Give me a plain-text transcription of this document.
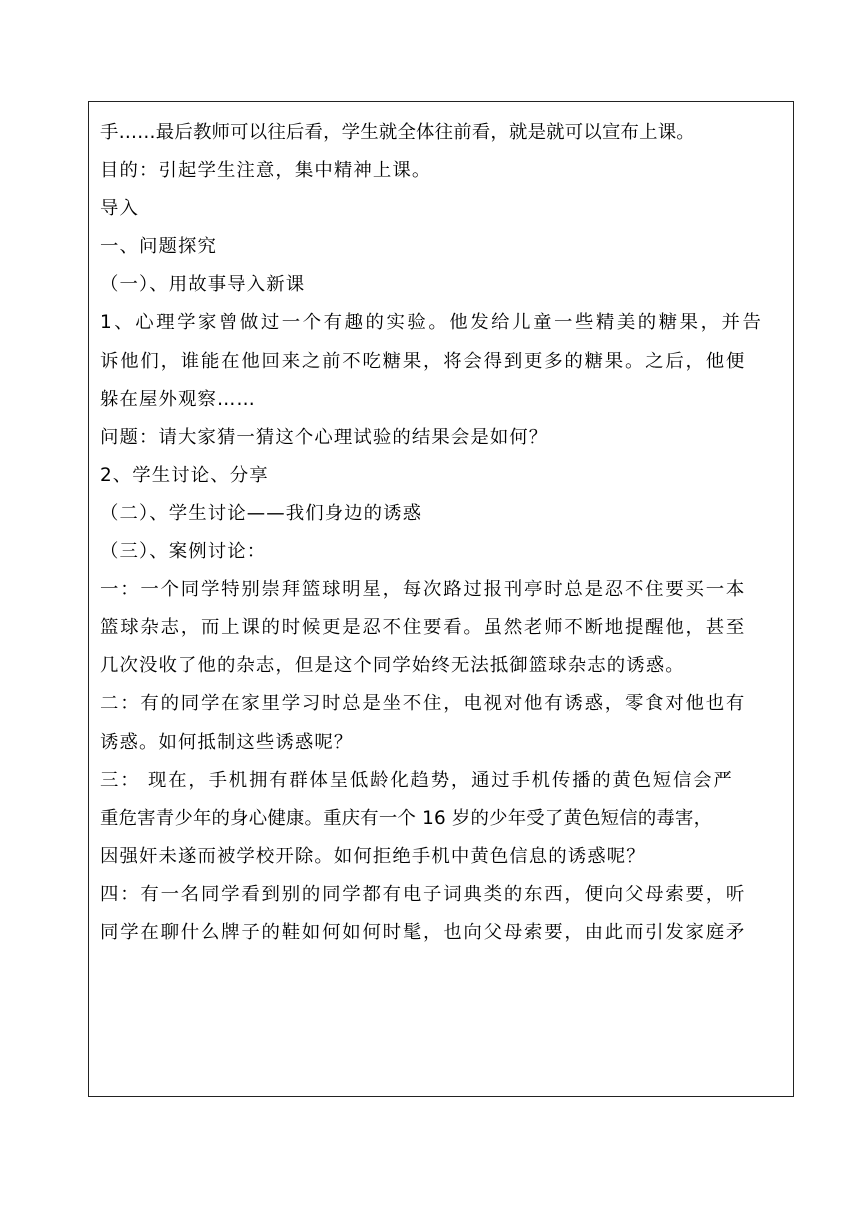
手……最后教师可以往后看，学生就全体往前看，就是就可以宣布上课。
目的：引起学生注意，集中精神上课。
导入
一、问题探究
（一）、用故事导入新课
1、心理学家曾做过一个有趣的实验。他发给儿童一些精美的糖果，并告
诉他们，谁能在他回来之前不吃糖果，将会得到更多的糖果。之后，他便
躲在屋外观察……
问题：请大家猜一猜这个心理试验的结果会是如何？
2、学生讨论、分享
（二）、学生讨论——我们身边的诱惑
（三）、案例讨论：
一：一个同学特别崇拜篮球明星，每次路过报刊亭时总是忍不住要买一本
篮球杂志，而上课的时候更是忍不住要看。虽然老师不断地提醒他，甚至
几次没收了他的杂志，但是这个同学始终无法抵御篮球杂志的诱惑。
二：有的同学在家里学习时总是坐不住，电视对他有诱惑，零食对他也有
诱惑。如何抵制这些诱惑呢？
三： 现在，手机拥有群体呈低龄化趋势，通过手机传播的黄色短信会严
重危害青少年的身心健康。重庆有一个 16 岁的少年受了黄色短信的毒害，
因强奸未遂而被学校开除。如何拒绝手机中黄色信息的诱惑呢？
四：有一名同学看到别的同学都有电子词典类的东西，便向父母索要，听
同学在聊什么牌子的鞋如何如何时髦，也向父母索要，由此而引发家庭矛
